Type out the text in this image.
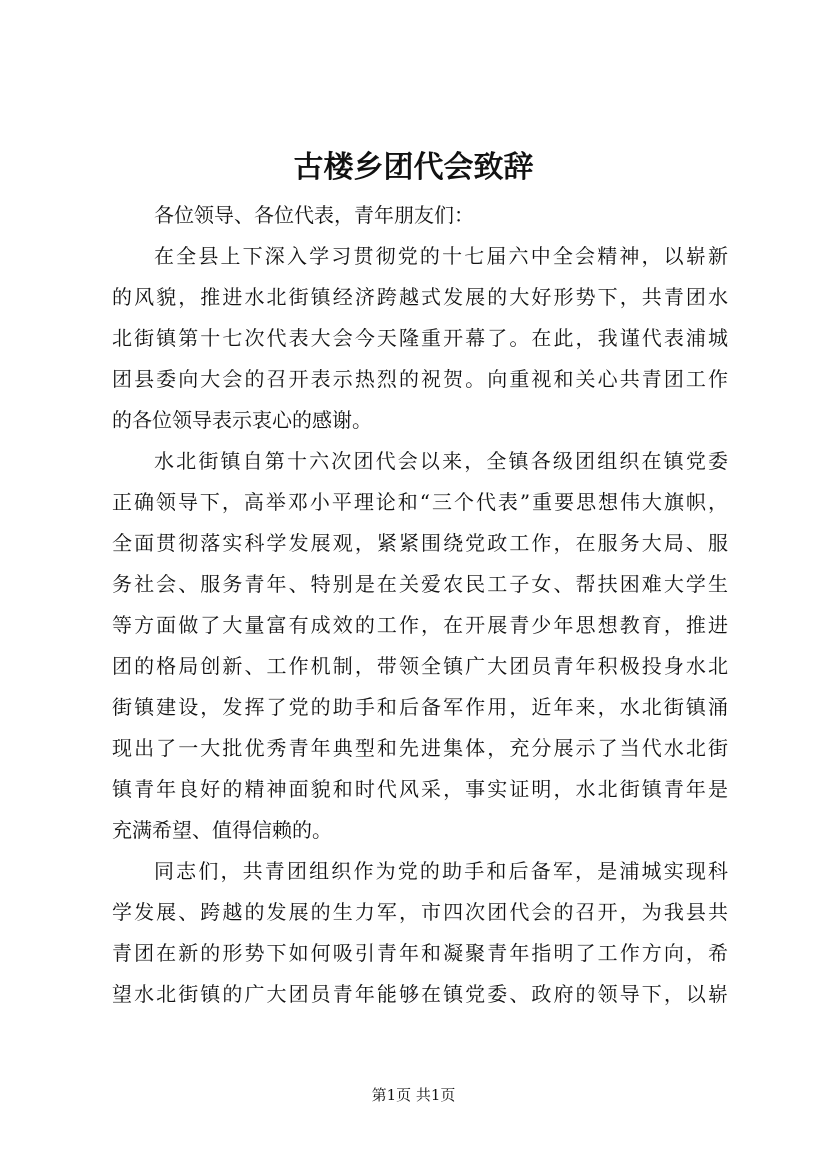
古楼乡团代会致辞
各位领导、各位代表，青年朋友们：
在全县上下深入学习贯彻党的十七届六中全会精神，以崭新
的风貌，推进水北街镇经济跨越式发展的大好形势下，共青团水
北街镇第十七次代表大会今天隆重开幕了。在此，我谨代表浦城
团县委向大会的召开表示热烈的祝贺。向重视和关心共青团工作
的各位领导表示衷心的感谢。
水北街镇自第十六次团代会以来，全镇各级团组织在镇党委
正确领导下，高举邓小平理论和“三个代表”重要思想伟大旗帜，
全面贯彻落实科学发展观，紧紧围绕党政工作，在服务大局、服
务社会、服务青年、特别是在关爱农民工子女、帮扶困难大学生
等方面做了大量富有成效的工作，在开展青少年思想教育，推进
团的格局创新、工作机制，带领全镇广大团员青年积极投身水北
街镇建设，发挥了党的助手和后备军作用，近年来，水北街镇涌
现出了一大批优秀青年典型和先进集体，充分展示了当代水北街
镇青年良好的精神面貌和时代风采，事实证明，水北街镇青年是
充满希望、值得信赖的。
同志们，共青团组织作为党的助手和后备军，是浦城实现科
学发展、跨越的发展的生力军，市四次团代会的召开，为我县共
青团在新的形势下如何吸引青年和凝聚青年指明了工作方向，希
望水北街镇的广大团员青年能够在镇党委、政府的领导下，以崭
第1页 共1页
